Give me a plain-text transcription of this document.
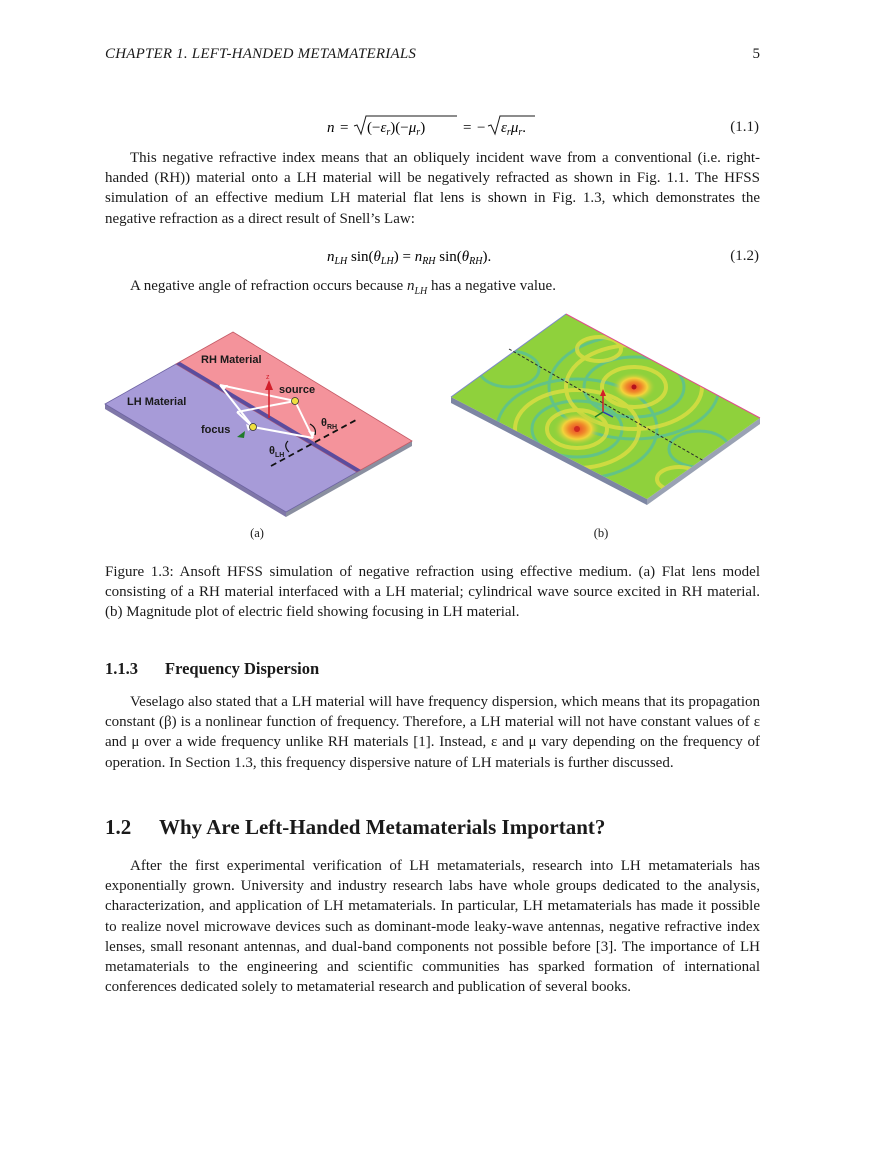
CHAPTER 1. LEFT-HANDED METAMATERIALS	5
$n = (-\varepsilon_r)(-\mu_r)$	= − $\varepsilon_r\mu_r$.	(1.1)

This negative refractive index means that an obliquely incident wave from a conventional (i.e. right-handed (RH)) material onto a LH material will be negatively refracted as shown in Fig. 1.1. The HFSS simulation of an effective medium LH material flat lens is shown in Fig. 1.3, which demonstrates the negative refraction as a direct result of Snell’s Law:

$n_{LH}$ $\sin(\theta_{LH}) = n_{RH}$ $\sin(\theta_{RH})$.	(1.2)

A negative angle of refraction occurs because $n_{LH}$ has a negative value.

z
RH Material
LH Material
source
focus
$\theta_{RH}$
$\theta_{LH}$
(a)	(b)

Figure 1.3: Ansoft HFSS simulation of negative refraction using effective medium. (a) Flat lens model consisting of a RH material interfaced with a LH material; cylindrical wave source excited in RH material. (b) Magnitude plot of electric field showing focusing in LH material.

1.1.3 Frequency Dispersion

Veselago also stated that a LH material will have frequency dispersion, which means that its propagation constant (β) is a nonlinear function of frequency. Therefore, a LH material will not have constant values of ε and μ over a wide frequency unlike RH materials [1]. Instead, ε and μ vary depending on the frequency of operation. In Section 1.3, this frequency dispersive nature of LH materials is further discussed.

1.2 Why Are Left-Handed Metamaterials Important?

After the first experimental verification of LH metamaterials, research into LH metamaterials has exponentially grown. University and industry research labs have whole groups dedicated to the analysis, characterization, and application of LH metamaterials. In particular, LH metamaterials has made it possible to realize novel microwave devices such as dominant-mode leaky-wave antennas, negative refractive index lenses, small resonant antennas, and dual-band components not possible before [3]. The importance of LH metamaterials to the engineering and scientific communities has sparked formation of international conferences dedicated solely to metamaterial research and publication of several books.
